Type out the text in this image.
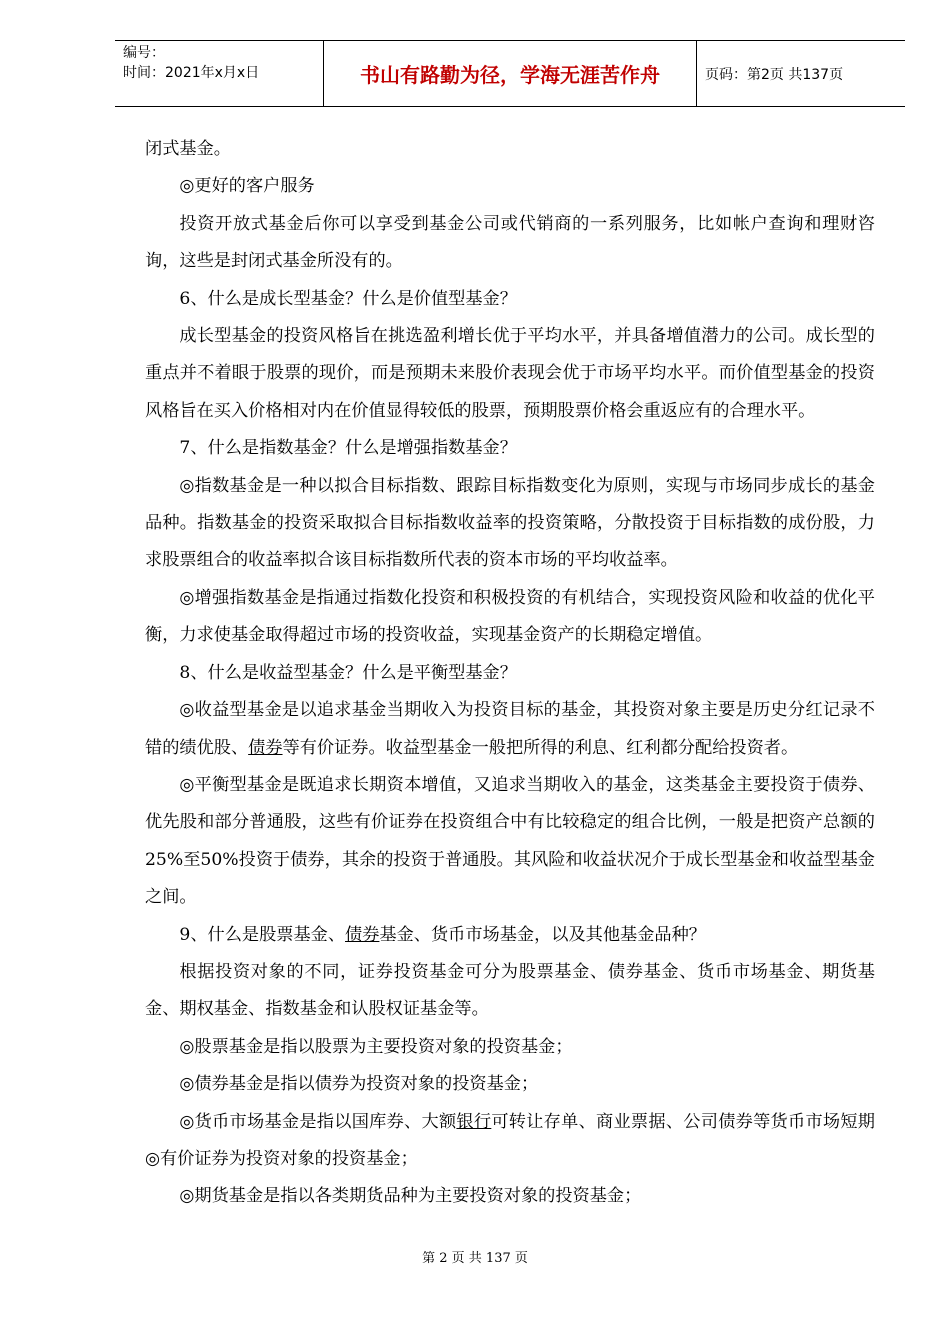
编号：
时间：2021年x月x日	书山有路勤为径，学海无涯苦作舟	页码：第2页 共137页

闭式基金。

◎更好的客户服务

投资开放式基金后你可以享受到基金公司或代销商的一系列服务，比如帐户查询和理财咨询，这些是封闭式基金所没有的。

6、什么是成长型基金？什么是价值型基金？

成长型基金的投资风格旨在挑选盈利增长优于平均水平，并具备增值潜力的公司。成长型的重点并不着眼于股票的现价，而是预期未来股价表现会优于市场平均水平。而价值型基金的投资风格旨在买入价格相对内在价值显得较低的股票，预期股票价格会重返应有的合理水平。

7、什么是指数基金？什么是增强指数基金？

◎指数基金是一种以拟合目标指数、跟踪目标指数变化为原则，实现与市场同步成长的基金品种。指数基金的投资采取拟合目标指数收益率的投资策略，分散投资于目标指数的成份股，力求股票组合的收益率拟合该目标指数所代表的资本市场的平均收益率。

◎增强指数基金是指通过指数化投资和积极投资的有机结合，实现投资风险和收益的优化平衡，力求使基金取得超过市场的投资收益，实现基金资产的长期稳定增值。

8、什么是收益型基金？什么是平衡型基金？

◎收益型基金是以追求基金当期收入为投资目标的基金，其投资对象主要是历史分红记录不错的绩优股、债券等有价证券。收益型基金一般把所得的利息、红利都分配给投资者。

◎平衡型基金是既追求长期资本增值，又追求当期收入的基金，这类基金主要投资于债券、优先股和部分普通股，这些有价证券在投资组合中有比较稳定的组合比例，一般是把资产总额的25%至50%投资于债券，其余的投资于普通股。其风险和收益状况介于成长型基金和收益型基金之间。

9、什么是股票基金、债券基金、货币市场基金，以及其他基金品种？

根据投资对象的不同，证券投资基金可分为股票基金、债券基金、货币市场基金、期货基金、期权基金、指数基金和认股权证基金等。

◎股票基金是指以股票为主要投资对象的投资基金；

◎债券基金是指以债券为投资对象的投资基金；

◎货币市场基金是指以国库券、大额银行可转让存单、商业票据、公司债券等货币市场短期◎有价证券为投资对象的投资基金；

◎期货基金是指以各类期货品种为主要投资对象的投资基金；

第 2 页 共 137 页
